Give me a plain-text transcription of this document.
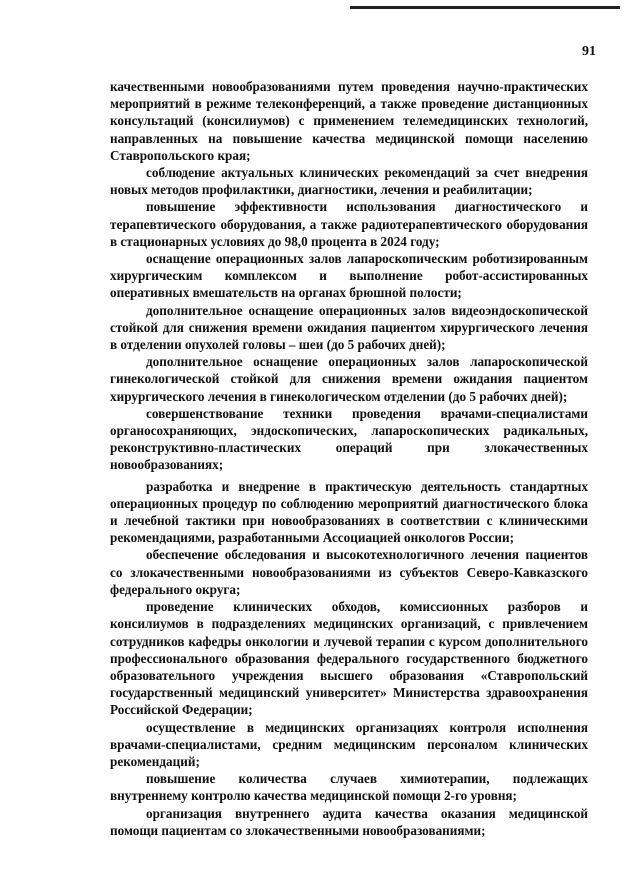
91

качественными новообразованиями путем проведения научно-практических мероприятий в режиме телеконференций, а также проведение дистанционных консультаций (консилиумов) с применением телемедицинских технологий, направленных на повышение качества медицинской помощи населению Ставропольского края;

соблюдение актуальных клинических рекомендаций за счет внедрения новых методов профилактики, диагностики, лечения и реабилитации;

повышение эффективности использования диагностического и терапевтического оборудования, а также радиотерапевтического оборудования в стационарных условиях до 98,0 процента в 2024 году;

оснащение операционных залов лапароскопическим роботизированным хирургическим комплексом и выполнение робот-ассистированных оперативных вмешательств на органах брюшной полости;

дополнительное оснащение операционных залов видеоэндоскопической стойкой для снижения времени ожидания пациентом хирургического лечения в отделении опухолей головы – шеи (до 5 рабочих дней);

дополнительное оснащение операционных залов лапароскопической гинекологической стойкой для снижения времени ожидания пациентом хирургического лечения в гинекологическом отделении (до 5 рабочих дней);

совершенствование техники проведения врачами-специалистами органосохраняющих, эндоскопических, лапароскопических радикальных, реконструктивно-пластических операций при злокачественных новообразованиях;

разработка и внедрение в практическую деятельность стандартных операционных процедур по соблюдению мероприятий диагностического блока и лечебной тактики при новообразованиях в соответствии с клиническими рекомендациями, разработанными Ассоциацией онкологов России;

обеспечение обследования и высокотехнологичного лечения пациентов со злокачественными новообразованиями из субъектов Северо-Кавказского федерального округа;

проведение клинических обходов, комиссионных разборов и консилиумов в подразделениях медицинских организаций, с привлечением сотрудников кафедры онкологии и лучевой терапии с курсом дополнительного профессионального образования федерального государственного бюджетного образовательного учреждения высшего образования «Ставропольский государственный медицинский университет» Министерства здравоохранения Российской Федерации;

осуществление в медицинских организациях контроля исполнения врачами-специалистами, средним медицинским персоналом клинических рекомендаций;

повышение количества случаев химиотерапии, подлежащих внутреннему контролю качества медицинской помощи 2-го уровня;

организация внутреннего аудита качества оказания медицинской помощи пациентам со злокачественными новообразованиями;
